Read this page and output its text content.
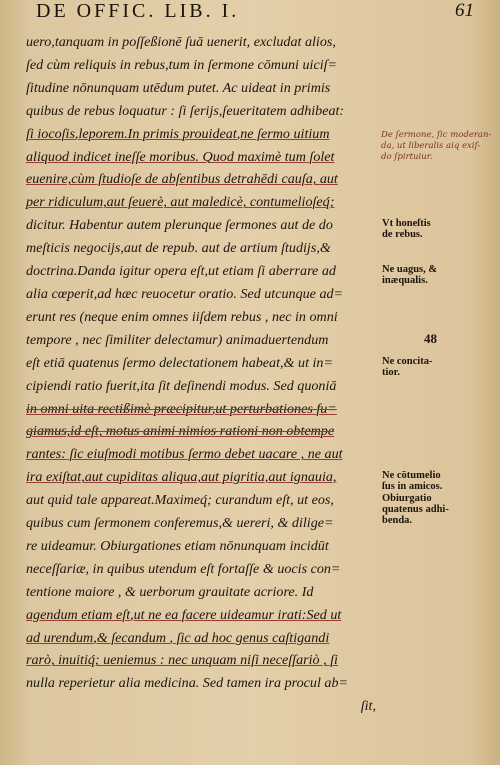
DE OFFIC. LIB. I.	61
uero,tanquam in poſſeßionē ſuā uenerit, excludat alios,
ſed cùm reliquis in rebus,tum in ſermone cōmuni uiciſ=
ſitudine nōnunquam utēdum putet. Ac uideat in primis
quibus de rebus loquatur : ſi ſerijs,ſeueritatem adhibeat:
ſi iocoſis,leporem.In primis prouideat,ne ſermo uitium
aliquod indicet ineſſe moribus. Quod maximè tum ſolet
euenire,cùm ſtudioſe de abſentibus detrahēdi cauſa, aut
per ridiculum,aut ſeuerè, aut maledicè, contumelioſeq́;
dicitur. Habentur autem plerunque ſermones aut de do
meſticis negocijs,aut de repub. aut de artium ſtudijs,&
doctrina.Danda igitur opera eſt,ut etiam ſi aberrare ad
alia cœperit,ad hæc reuocetur oratio. Sed utcunque ad=
erunt res (neque enim omnes iiſdem rebus , nec in omni
tempore , nec ſimiliter delectamur) animaduertendum
eſt etiā quatenus ſermo delectationem habeat,& ut in=
cipiendi ratio fuerit,ita ſit deſinendi modus. Sed quoniā
in omni uita rectißimè præcipitur,ut perturbationes fu=
giamus,id eſt, motus animi nimios rationi non obtempe
rantes: ſic eiuſmodi motibus ſermo debet uacare , ne aut
ira exiſtat,aut cupiditas aliqua,aut pigritia,aut ignauia,
aut quid tale appareat.Maximeq́; curandum eſt, ut eos,
quibus cum ſermonem conferemus,& uereri, & dilige=
re uideamur. Obiurgationes etiam nōnunquam incidūt
neceſſariæ, in quibus utendum eſt fortaſſe & uocis con=
tentione maiore , & uerborum grauitate acriore. Id
agendum etiam eſt,ut ne ea facere uideamur irati:Sed ut
ad urendum,& ſecandum , ſic ad hoc genus caſtigandi
rarò, inuitiq́; ueniemus : nec unquam niſi neceſſariò , ſi
nulla reperietur alia medicina. Sed tamen ira procul ab=
ſit,
De ſermone, ſic moderan-
da, ut liberalis aiq exiſ-
do ſpirtuiur.
Vt honeſtis
de rebus.
Ne uagus, &
inæqualis.
48
Ne concita-
tior.
Ne cōtumelio
ſus in amicos.
Obiurgatio
quatenus adhi-
benda.
